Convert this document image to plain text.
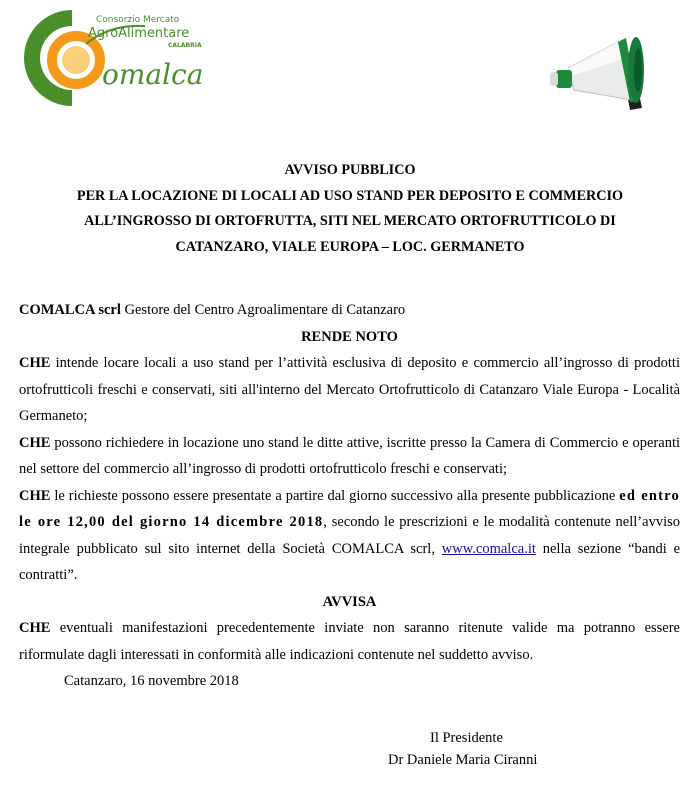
Consorzio Mercato
AgroAlimentare
CALABRIA
omalca
AVVISO PUBBLICO
PER LA LOCAZIONE DI LOCALI AD USO STAND PER DEPOSITO E COMMERCIO
ALL’INGROSSO DI ORTOFRUTTA, SITI NEL MERCATO ORTOFRUTTICOLO DI
CATANZARO, VIALE EUROPA – LOC. GERMANETO
COMALCA scrl Gestore del Centro Agroalimentare di Catanzaro
RENDE NOTO
CHE intende locare locali a uso stand per l’attività esclusiva di deposito e commercio all’ingrosso di prodotti ortofrutticoli freschi e conservati, siti all'interno del Mercato Ortofrutticolo di Catanzaro Viale Europa - Località Germaneto;
CHE possono richiedere in locazione uno stand le ditte attive, iscritte presso la Camera di Commercio e operanti nel settore del commercio all’ingrosso di prodotti ortofrutticolo freschi e conservati;
CHE le richieste possono essere presentate a partire dal giorno successivo alla presente pubblicazione ed entro le ore 12,00 del giorno 14 dicembre 2018, secondo le prescrizioni e le modalità contenute nell’avviso integrale pubblicato sul sito internet della Società COMALCA scrl, www.comalca.it nella sezione “bandi e contratti”.
AVVISA
CHE eventuali manifestazioni precedentemente inviate non saranno ritenute valide ma potranno essere riformulate dagli interessati in conformità alle indicazioni contenute nel suddetto avviso.
Catanzaro, 16 novembre 2018
Il Presidente
Dr Daniele Maria Ciranni
